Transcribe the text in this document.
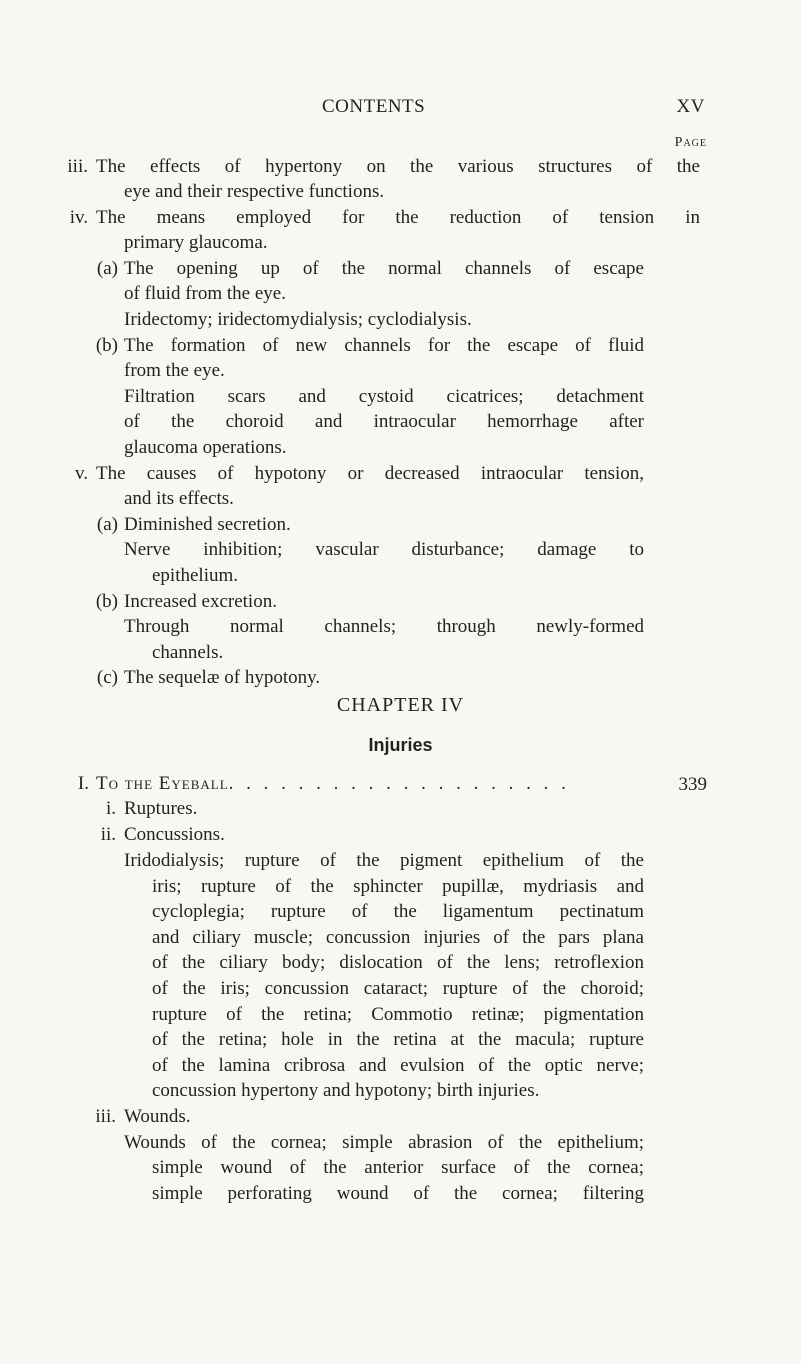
CONTENTS	XV
Page
iii. The effects of hypertony on the various structures of the
eye and their respective functions.
iv. The means employed for the reduction of tension in
primary glaucoma.
(a) The opening up of the normal channels of escape
of fluid from the eye.
Iridectomy; iridectomydialysis; cyclodialysis.
(b) The formation of new channels for the escape of fluid
from the eye.
Filtration scars and cystoid cicatrices; detachment
of the choroid and intraocular hemorrhage after
glaucoma operations.
v. The causes of hypotony or decreased intraocular tension,
and its effects.
(a) Diminished secretion.
Nerve inhibition; vascular disturbance; damage to
epithelium.
(b) Increased excretion.
Through normal channels; through newly-formed
channels.
(c) The sequelæ of hypotony.
CHAPTER IV
Injuries
I. To the Eyeball. . . . . . . . . . . . . . . . . . . .	339
i. Ruptures.
ii. Concussions.
Iridodialysis; rupture of the pigment epithelium of the
iris; rupture of the sphincter pupillæ, mydriasis and
cycloplegia; rupture of the ligamentum pectinatum
and ciliary muscle; concussion injuries of the pars plana
of the ciliary body; dislocation of the lens; retroflexion
of the iris; concussion cataract; rupture of the choroid;
rupture of the retina; Commotio retinæ; pigmentation
of the retina; hole in the retina at the macula; rupture
of the lamina cribrosa and evulsion of the optic nerve;
concussion hypertony and hypotony; birth injuries.
iii. Wounds.
Wounds of the cornea; simple abrasion of the epithelium;
simple wound of the anterior surface of the cornea;
simple perforating wound of the cornea; filtering
